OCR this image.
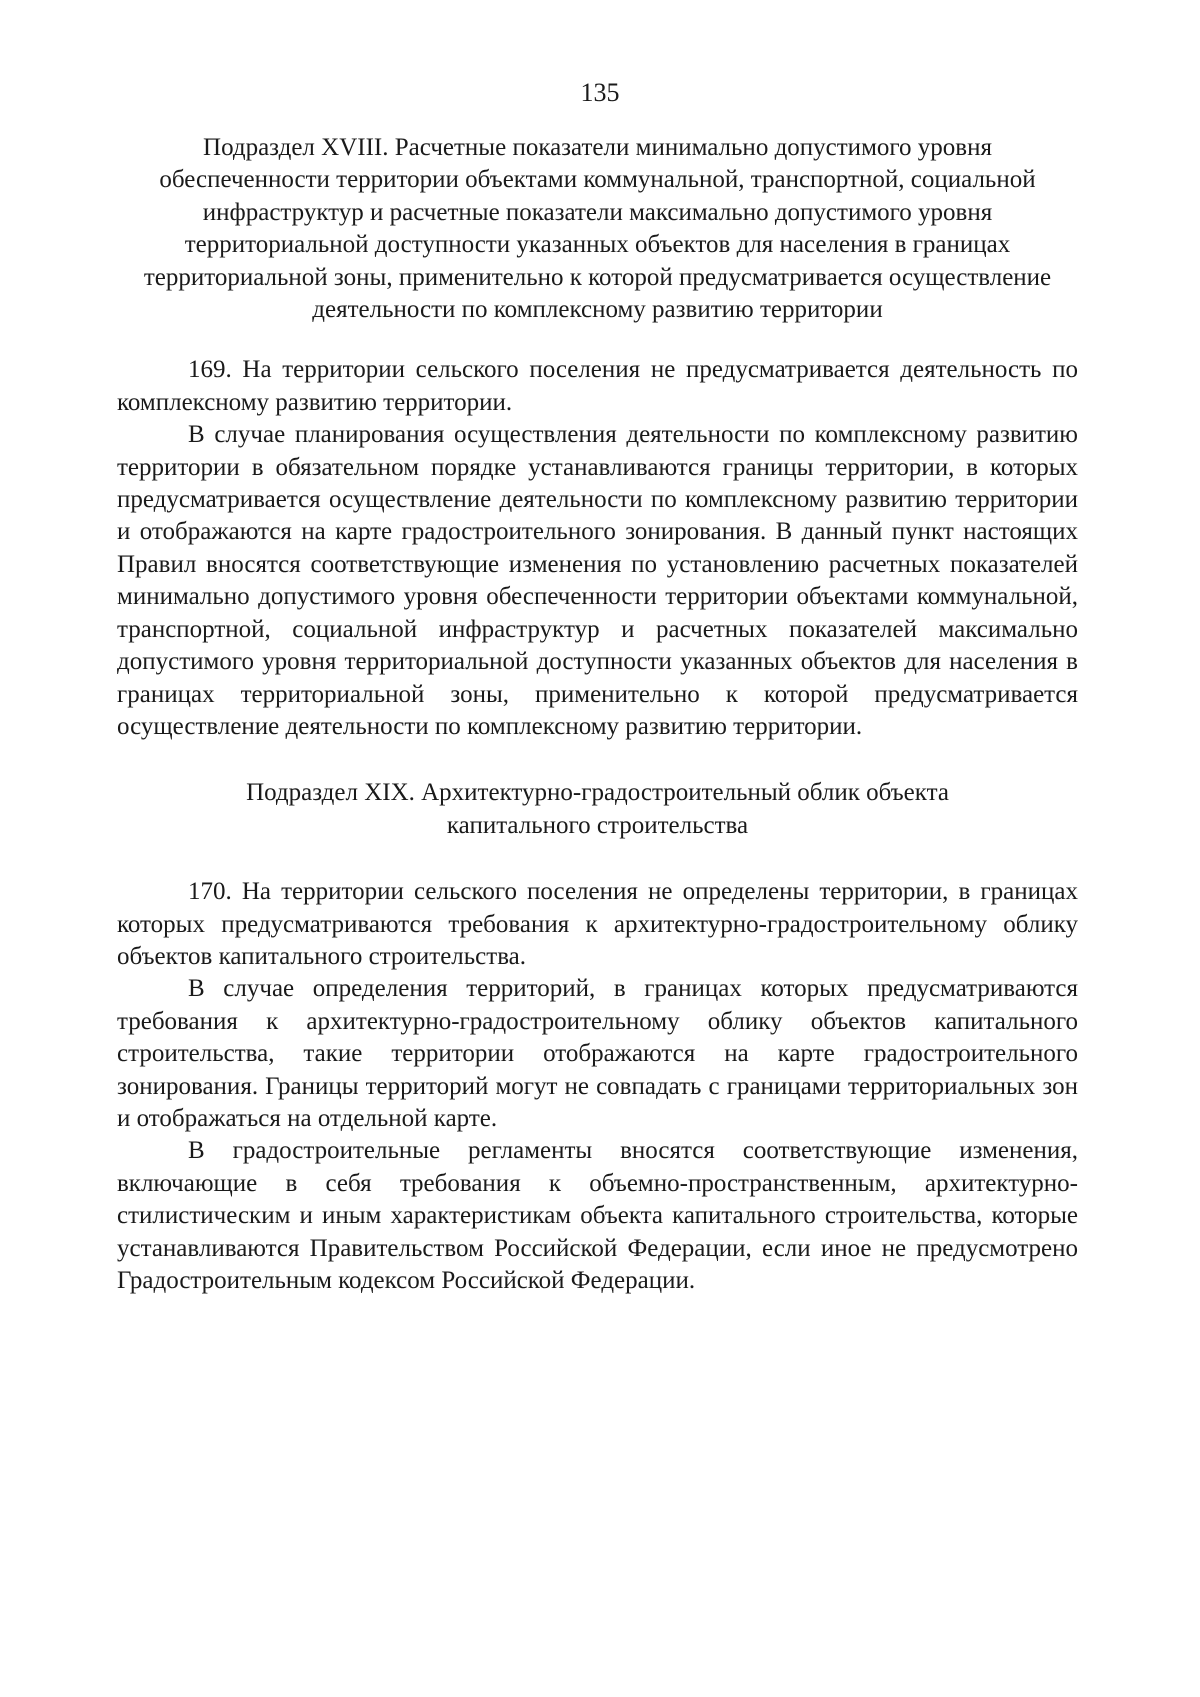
135
Подраздел XVIII. Расчетные показатели минимально допустимого уровня
обеспеченности территории объектами коммунальной, транспортной, социальной
инфраструктур и расчетные показатели максимально допустимого уровня
территориальной доступности указанных объектов для населения в границах
территориальной зоны, применительно к которой предусматривается осуществление
деятельности по комплексному развитию территории

169. На территории сельского поселения не предусматривается деятельность по комплексному развитию территории.

В случае планирования осуществления деятельности по комплексному развитию территории в обязательном порядке устанавливаются границы территории, в которых предусматривается осуществление деятельности по комплексному развитию территории и отображаются на карте градостроительного зонирования. В данный пункт настоящих Правил вносятся соответствующие изменения по установлению расчетных показателей минимально допустимого уровня обеспеченности территории объектами коммунальной, транспортной, социальной инфраструктур и расчетных показателей максимально допустимого уровня территориальной доступности указанных объектов для населения в границах территориальной зоны, применительно к которой предусматривается осуществление деятельности по комплексному развитию территории.

Подраздел XIX. Архитектурно-градостроительный облик объекта
капитального строительства

170. На территории сельского поселения не определены территории, в границах которых предусматриваются требования к архитектурно-градостроительному облику объектов капитального строительства.

В случае определения территорий, в границах которых предусматриваются требования к архитектурно-градостроительному облику объектов капитального строительства, такие территории отображаются на карте градостроительного зонирования. Границы территорий могут не совпадать с границами территориальных зон и отображаться на отдельной карте.

В градостроительные регламенты вносятся соответствующие изменения, включающие в себя требования к объемно-пространственным, архитектурно-стилистическим и иным характеристикам объекта капитального строительства, которые устанавливаются Правительством Российской Федерации, если иное не предусмотрено Градостроительным кодексом Российской Федерации.
